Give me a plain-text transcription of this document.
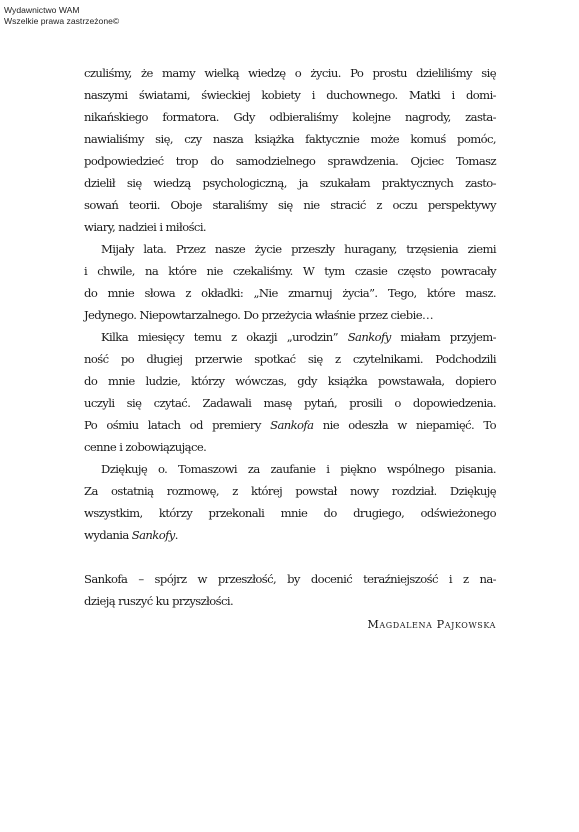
Wydawnictwo WAM
Wszelkie prawa zastrzeżone©

czuliśmy, że mamy wielką wiedzę o życiu. Po prostu dzieliliśmy się
naszymi światami, świeckiej kobiety i duchownego. Matki i domi-
nikańskiego formatora. Gdy odbieraliśmy kolejne nagrody, zasta-
nawialiśmy się, czy nasza książka faktycznie może komuś pomóc,
podpowiedzieć trop do samodzielnego sprawdzenia. Ojciec Tomasz
dzielił się wiedzą psychologiczną, ja szukałam praktycznych zasto-
sowań teorii. Oboje staraliśmy się nie stracić z oczu perspektywy
wiary, nadziei i miłości.

Mijały lata. Przez nasze życie przeszły huragany, trzęsienia ziemi
i chwile, na które nie czekaliśmy. W tym czasie często powracały
do mnie słowa z okładki: „Nie zmarnuj życia”. Tego, które masz.
Jedynego. Niepowtarzalnego. Do przeżycia właśnie przez ciebie…

Kilka miesięcy temu z okazji „urodzin” Sankofy miałam przyjem-
ność po długiej przerwie spotkać się z czytelnikami. Podchodzili
do mnie ludzie, którzy wówczas, gdy książka powstawała, dopiero
uczyli się czytać. Zadawali masę pytań, prosili o dopowiedzenia.
Po ośmiu latach od premiery Sankofa nie odeszła w niepamięć. To
cenne i zobowiązujące.

Dziękuję o. Tomaszowi za zaufanie i piękno wspólnego pisania.
Za ostatnią rozmowę, z której powstał nowy rozdział. Dziękuję
wszystkim, którzy przekonali mnie do drugiego, odświeżonego
wydania Sankofy.

Sankofa – spójrz w przeszłość, by docenić teraźniejszość i z na-
dzieją ruszyć ku przyszłości.

Magdalena Pajkowska
